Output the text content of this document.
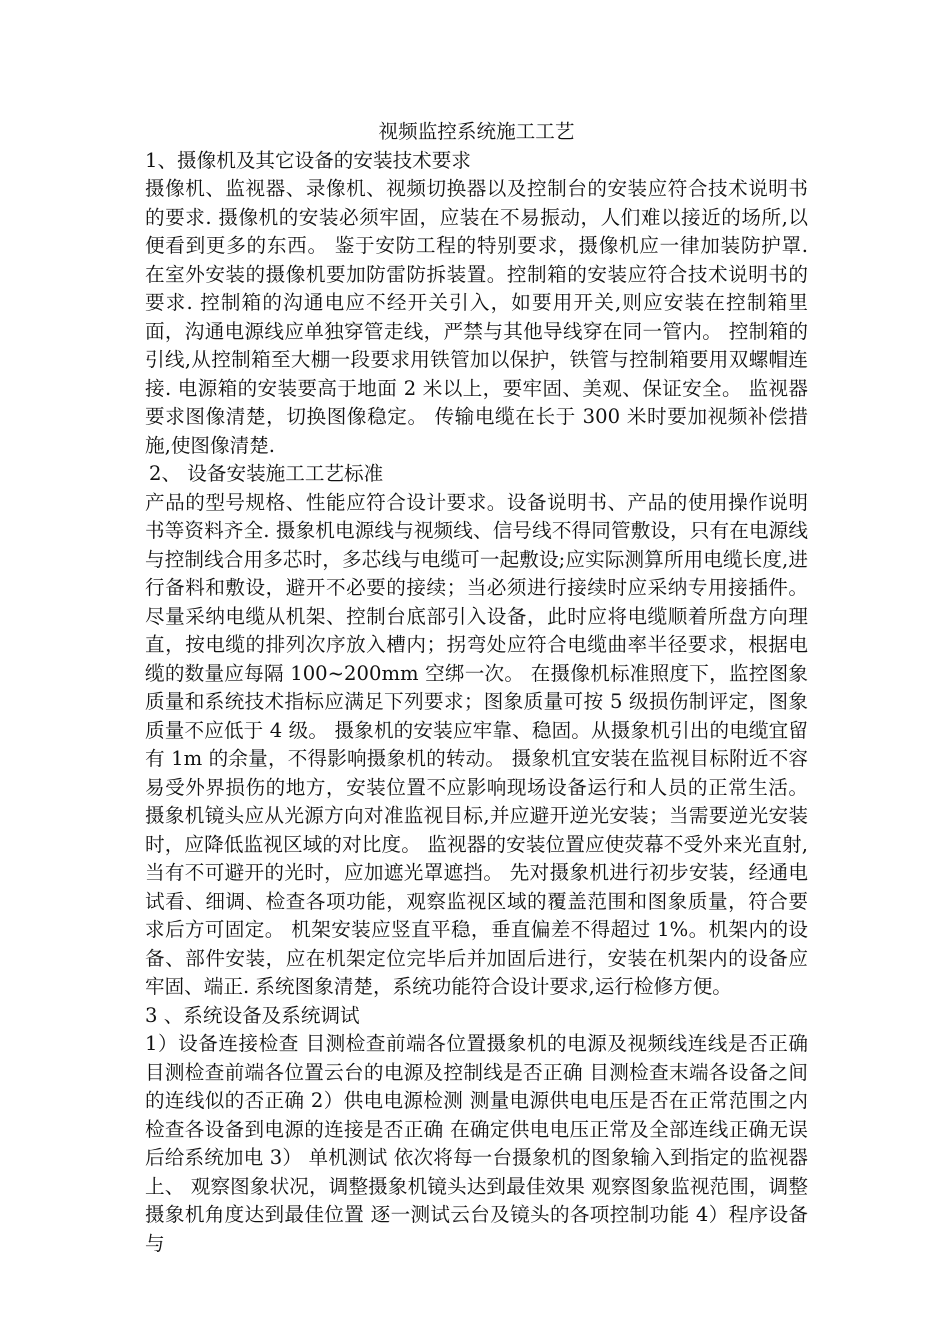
视频监控系统施工工艺

1、摄像机及其它设备的安装技术要求

摄像机、监视器、录像机、视频切换器以及控制台的安装应符合技术说明书的要求. 摄像机的安装必须牢固，应装在不易振动，人们难以接近的场所,以便看到更多的东西。 鉴于安防工程的特别要求，摄像机应一律加装防护罩. 在室外安装的摄像机要加防雷防拆装置。控制箱的安装应符合技术说明书的要求. 控制箱的沟通电应不经开关引入，如要用开关,则应安装在控制箱里面，沟通电源线应单独穿管走线，严禁与其他导线穿在同一管内。 控制箱的引线,从控制箱至大棚一段要求用铁管加以保护，铁管与控制箱要用双螺帽连接. 电源箱的安装要高于地面 2 米以上，要牢固、美观、保证安全。 监视器要求图像清楚，切换图像稳定。 传输电缆在长于 300 米时要加视频补偿措施,使图像清楚.

2、 设备安装施工工艺标准

产品的型号规格、性能应符合设计要求。设备说明书、产品的使用操作说明书等资料齐全. 摄象机电源线与视频线、信号线不得同管敷设，只有在电源线与控制线合用多芯时，多芯线与电缆可一起敷设;应实际测算所用电缆长度,进行备料和敷设，避开不必要的接续；当必须进行接续时应采纳专用接插件。 尽量采纳电缆从机架、控制台底部引入设备，此时应将电缆顺着所盘方向理直，按电缆的排列次序放入槽内；拐弯处应符合电缆曲率半径要求，根据电缆的数量应每隔 100~200mm 空绑一次。 在摄像机标准照度下，监控图象质量和系统技术指标应满足下列要求；图象质量可按 5 级损伤制评定，图象质量不应低于 4 级。 摄象机的安装应牢靠、稳固。从摄象机引出的电缆宜留有 1m 的余量，不得影响摄象机的转动。 摄象机宜安装在监视目标附近不容易受外界损伤的地方，安装位置不应影响现场设备运行和人员的正常生活。 摄象机镜头应从光源方向对准监视目标,并应避开逆光安装；当需要逆光安装时，应降低监视区域的对比度。 监视器的安装位置应使荧幕不受外来光直射,当有不可避开的光时，应加遮光罩遮挡。 先对摄象机进行初步安装，经通电试看、细调、检查各项功能，观察监视区域的覆盖范围和图象质量，符合要求后方可固定。 机架安装应竖直平稳，垂直偏差不得超过 1%。机架内的设备、部件安装，应在机架定位完毕后并加固后进行，安装在机架内的设备应牢固、端正. 系统图象清楚，系统功能符合设计要求,运行检修方便。

3 、系统设备及系统调试

1）设备连接检查 目测检查前端各位置摄象机的电源及视频线连线是否正确 目测检查前端各位置云台的电源及控制线是否正确 目测检查末端各设备之间的连线似的否正确 2）供电电源检测 测量电源供电电压是否在正常范围之内 检查各设备到电源的连接是否正确 在确定供电电压正常及全部连线正确无误后给系统加电 3） 单机测试 依次将每一台摄象机的图象输入到指定的监视器上、 观察图象状况，调整摄象机镜头达到最佳效果 观察图象监视范围，调整摄象机角度达到最佳位置 逐一测试云台及镜头的各项控制功能 4）程序设备与
